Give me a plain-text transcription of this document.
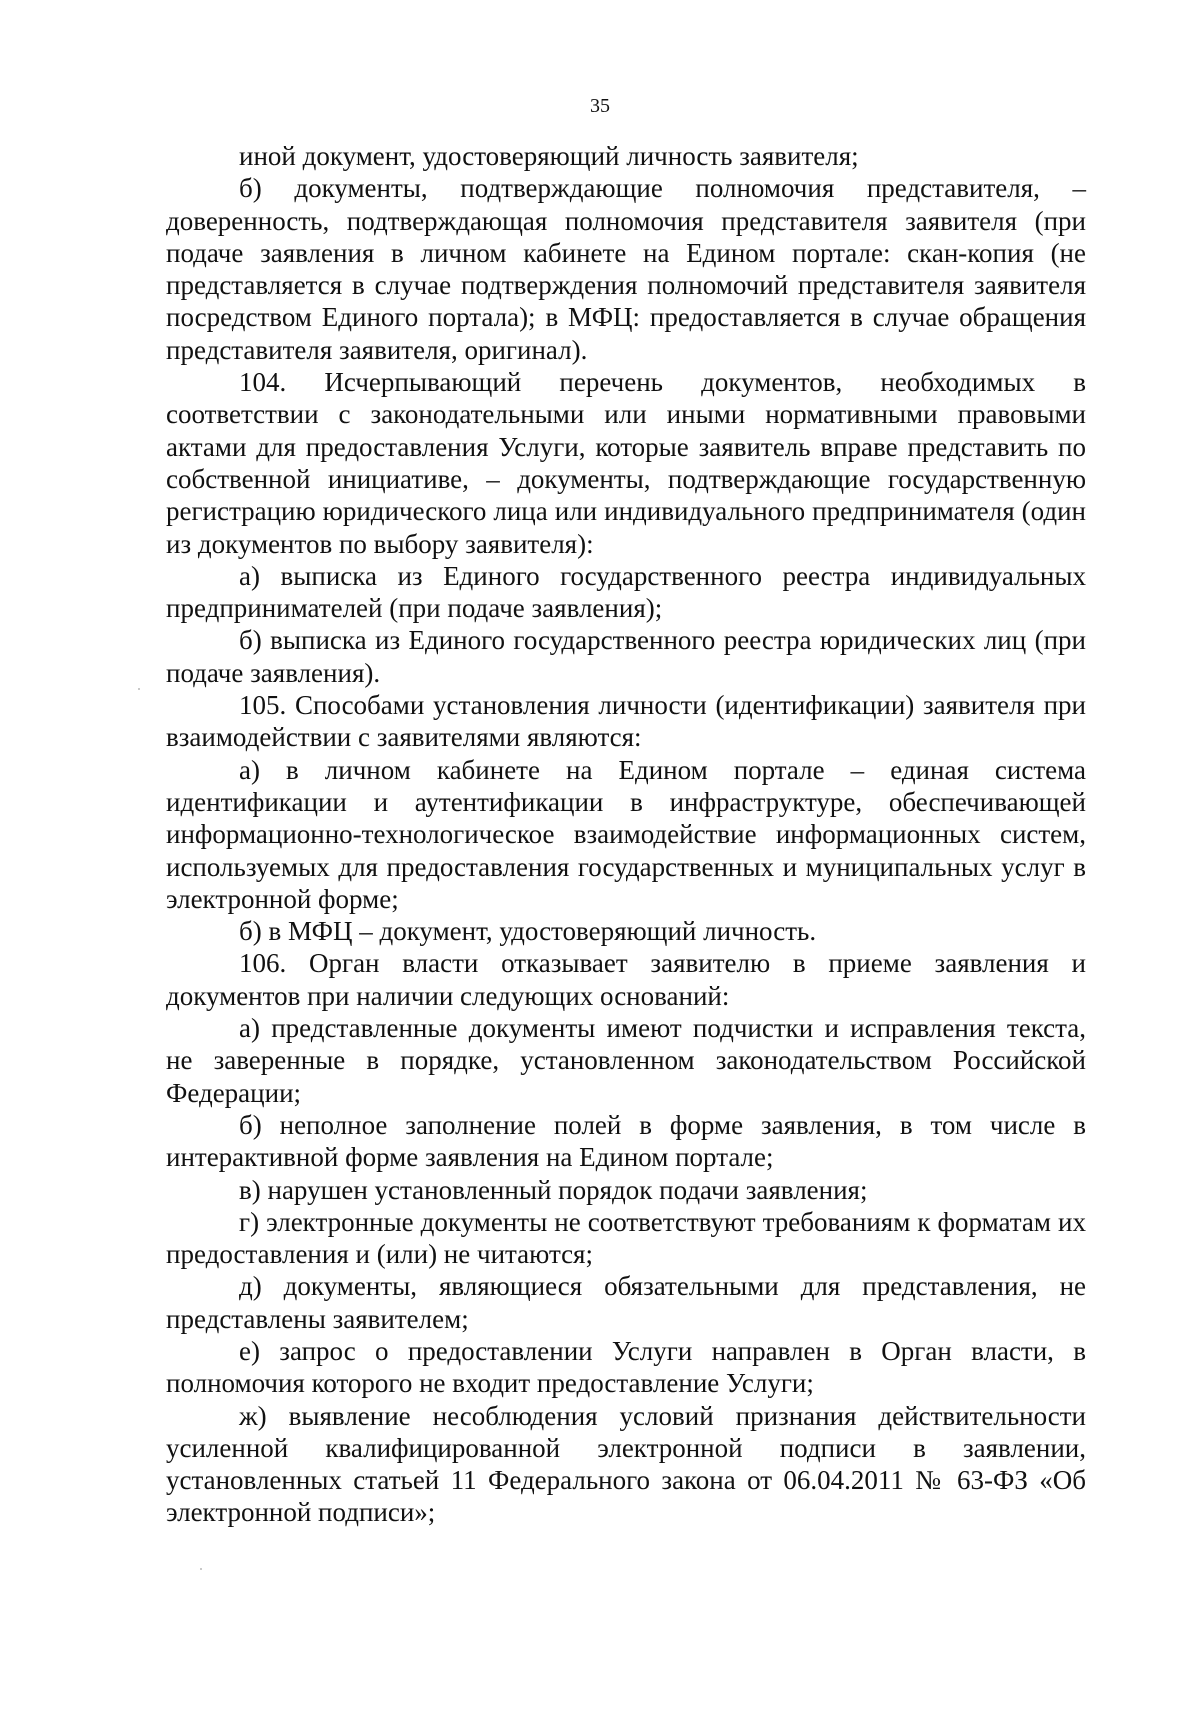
35

иной документ, удостоверяющий личность заявителя;

б) документы, подтверждающие полномочия представителя, – доверенность, подтверждающая полномочия представителя заявителя (при подаче заявления в личном кабинете на Едином портале: скан-копия (не представляется в случае подтверждения полномочий представителя заявителя посредством Единого портала); в МФЦ: предоставляется в случае обращения представителя заявителя, оригинал).

104. Исчерпывающий перечень документов, необходимых в соответствии с законодательными или иными нормативными правовыми актами для предоставления Услуги, которые заявитель вправе представить по собственной инициативе, – документы, подтверждающие государственную регистрацию юридического лица или индивидуального предпринимателя (один из документов по выбору заявителя):

а) выписка из Единого государственного реестра индивидуальных предпринимателей (при подаче заявления);

б) выписка из Единого государственного реестра юридических лиц (при подаче заявления).

105. Способами установления личности (идентификации) заявителя при взаимодействии с заявителями являются:

а) в личном кабинете на Едином портале – единая система идентификации и аутентификации в инфраструктуре, обеспечивающей информационно-технологическое взаимодействие информационных систем, используемых для предоставления государственных и муниципальных услуг в электронной форме;

б) в МФЦ – документ, удостоверяющий личность.

106. Орган власти отказывает заявителю в приеме заявления и документов при наличии следующих оснований:

а) представленные документы имеют подчистки и исправления текста, не заверенные в порядке, установленном законодательством Российской Федерации;

б) неполное заполнение полей в форме заявления, в том числе в интерактивной форме заявления на Едином портале;

в) нарушен установленный порядок подачи заявления;

г) электронные документы не соответствуют требованиям к форматам их предоставления и (или) не читаются;

д) документы, являющиеся обязательными для представления, не представлены заявителем;

е) запрос о предоставлении Услуги направлен в Орган власти, в полномочия которого не входит предоставление Услуги;

ж) выявление несоблюдения условий признания действительности усиленной квалифицированной электронной подписи в заявлении, установленных статьей 11 Федерального закона от 06.04.2011 № 63-ФЗ «Об электронной подписи»;
